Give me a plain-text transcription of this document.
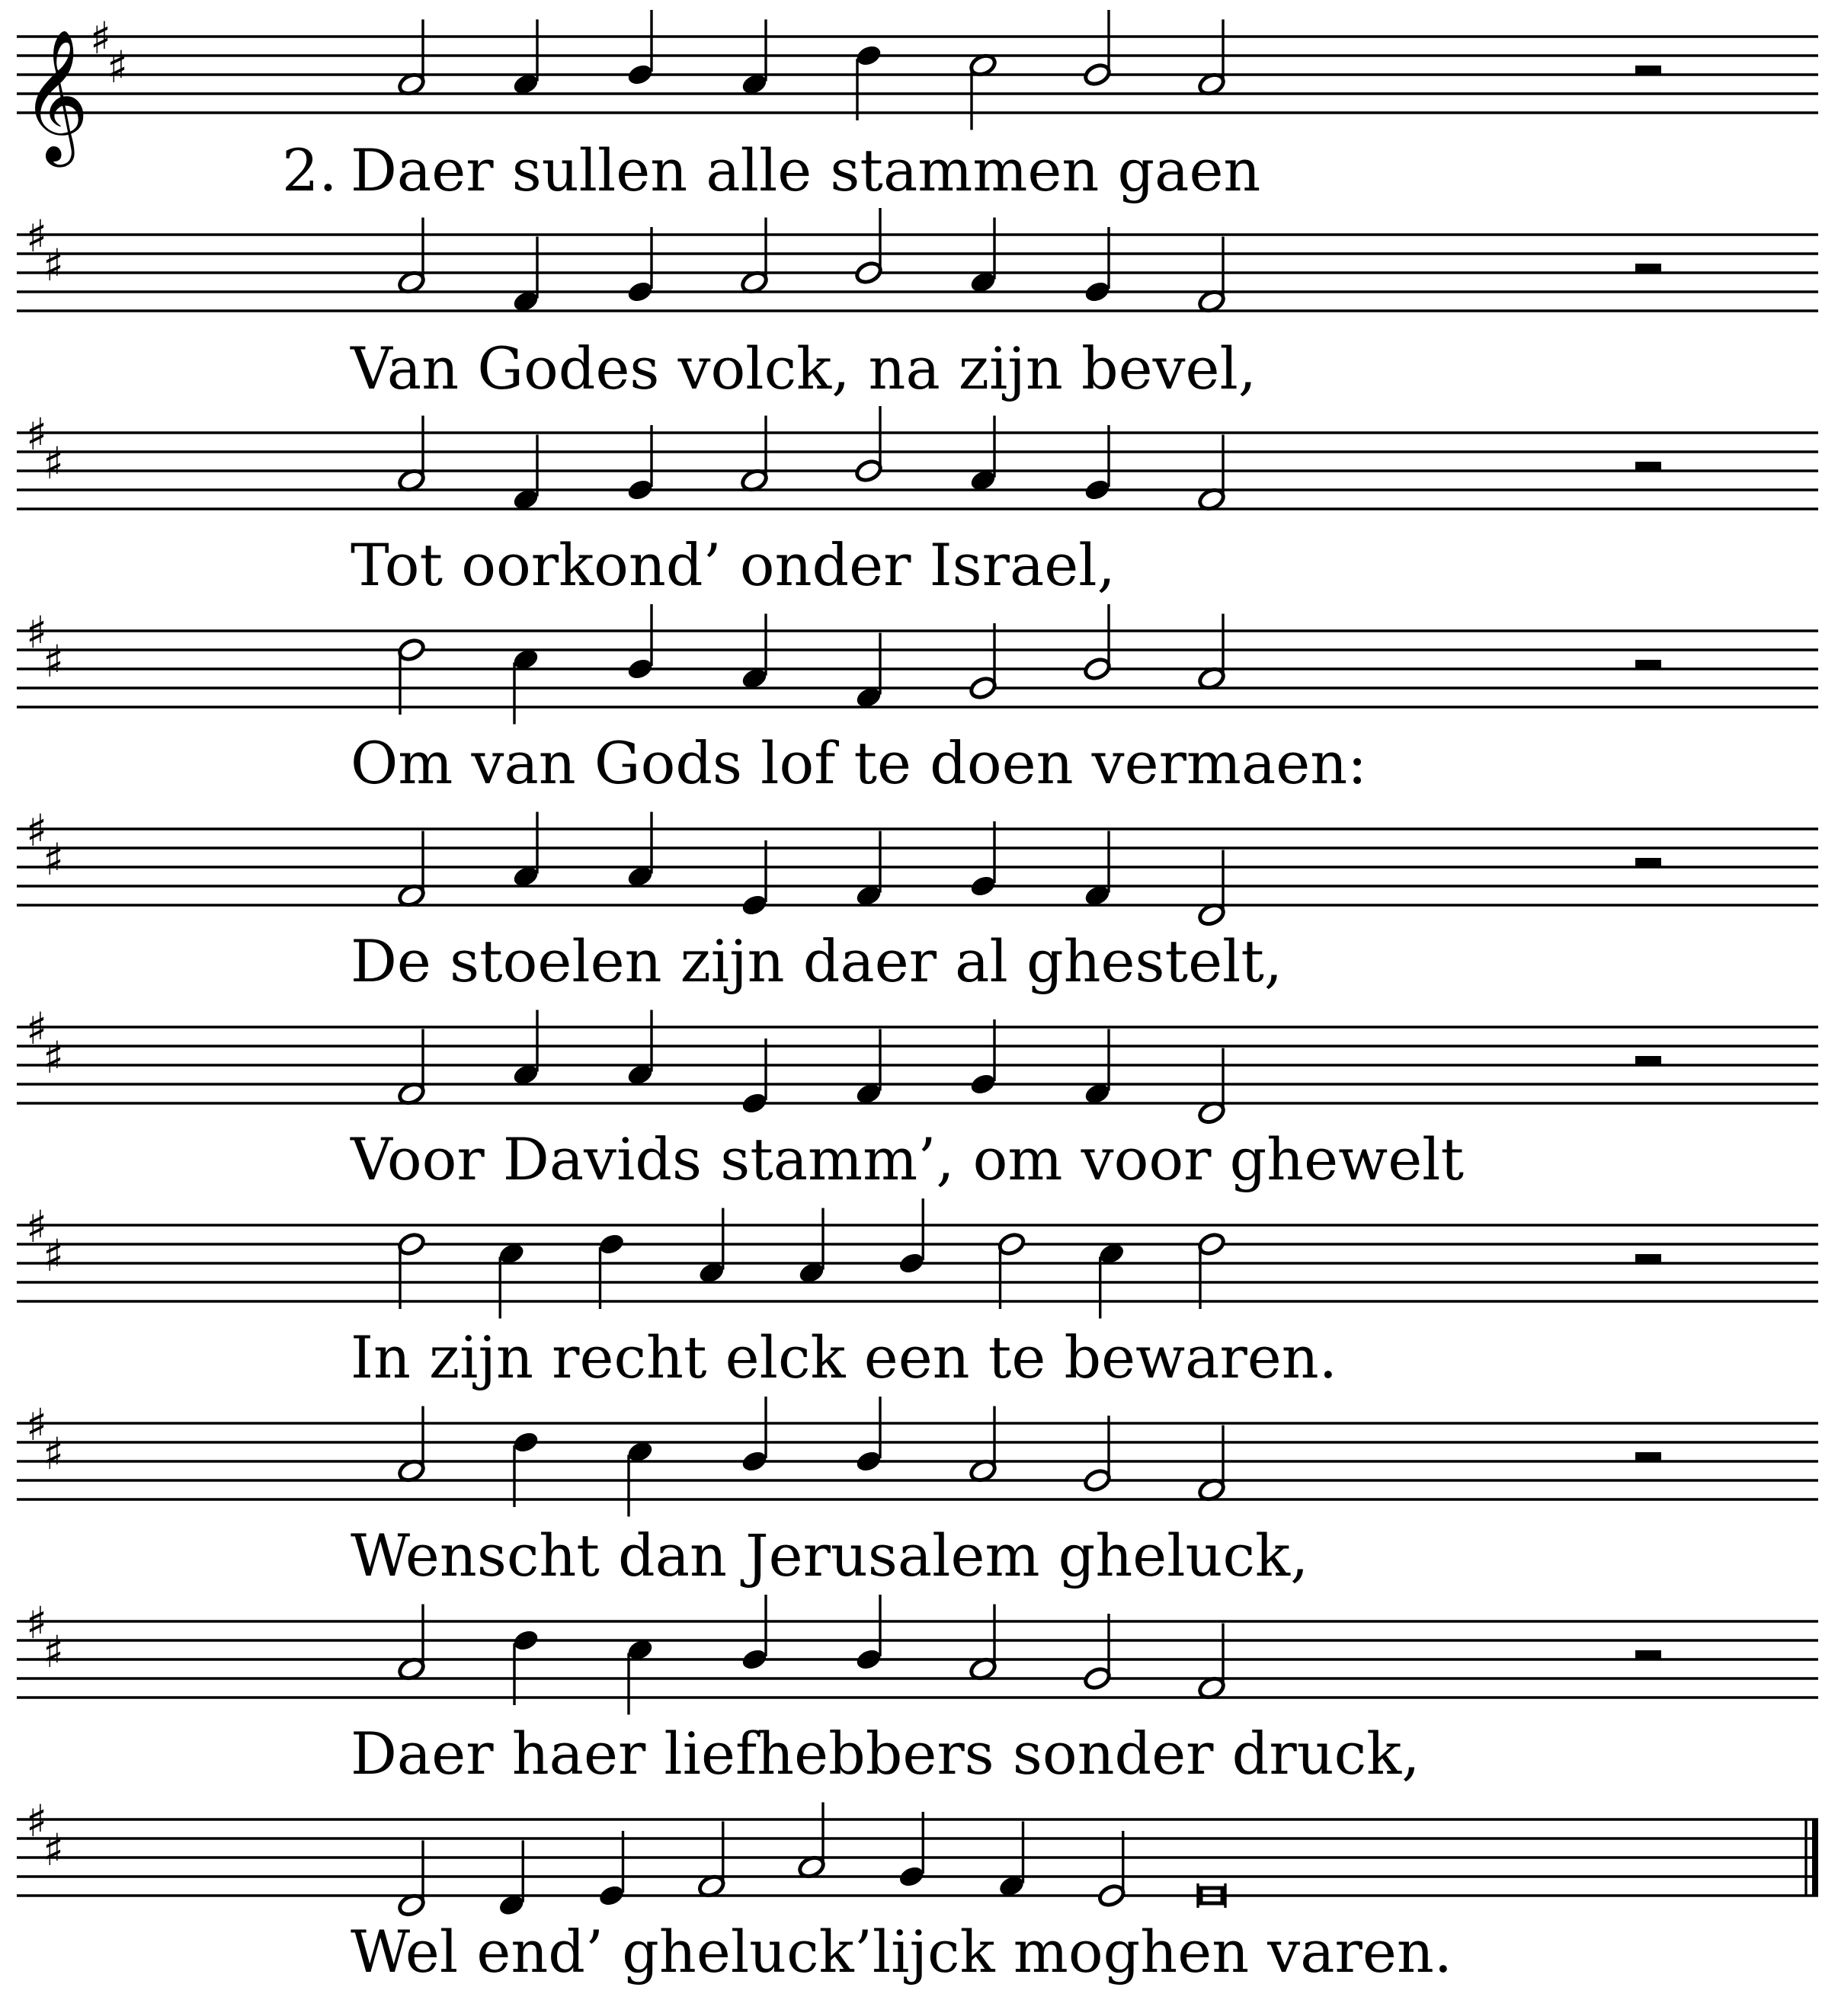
𝄞 ♯
♯
♯
♯
♯
♯
♯
♯
♯
♯
♯
♯
♯
♯
♯
♯
♯
♯
♯
♯
2. Daer sullen alle stammen gaen
Van Godes volck, na zijn bevel,
Tot oorkond’ onder Israel,
Om van Gods lof te doen vermaen:
De stoelen zijn daer al ghestelt,
Voor Davids stamm’, om voor ghewelt
In zijn recht elck een te bewaren.
Wenscht dan Jerusalem gheluck,
Daer haer liefhebbers sonder druck,
Wel end’ gheluck’lijck moghen varen.
